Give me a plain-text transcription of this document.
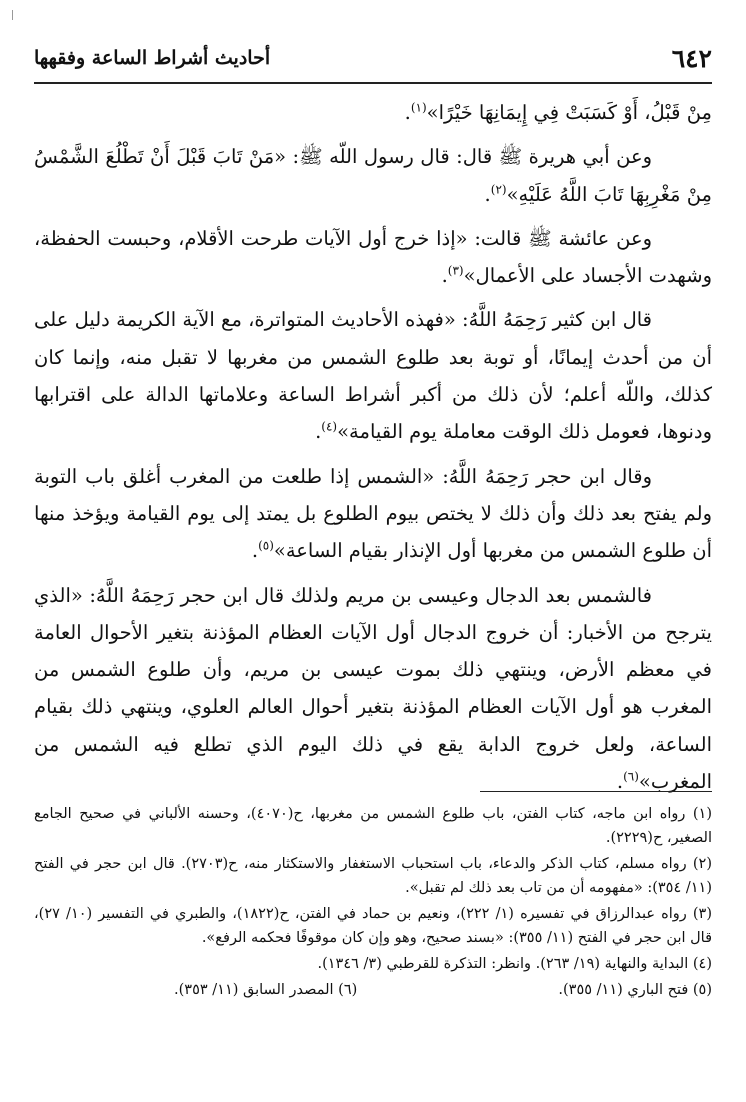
٦٤٢
أحاديث أشراط الساعة وفقهها

مِنْ قَبْلُ، أَوْ كَسَبَتْ فِي إِيمَانِهَا خَيْرًا»$^{(١)}$.

وعن أبي هريرة ﷺ قال: قال رسول اللّه ﷺ: «مَنْ تَابَ قَبْلَ أَنْ تَطْلُعَ الشَّمْسُ مِنْ مَغْرِبِهَا تَابَ اللَّهُ عَلَيْهِ»$^{(٢)}$.

وعن عائشة ﷺ قالت: «إذا خرج أول الآيات طرحت الأقلام، وحبست الحفظة، وشهدت الأجساد على الأعمال»$^{(٣)}$.

قال ابن كثير رَحِمَهُ اللَّهُ: «فهذه الأحاديث المتواترة، مع الآية الكريمة دليل على أن من أحدث إيمانًا، أو توبة بعد طلوع الشمس من مغربها لا تقبل منه، وإنما كان كذلك، واللّه أعلم؛ لأن ذلك من أكبر أشراط الساعة وعلاماتها الدالة على اقترابها ودنوها، فعومل ذلك الوقت معاملة يوم القيامة»$^{(٤)}$.

وقال ابن حجر رَحِمَهُ اللَّهُ: «الشمس إذا طلعت من المغرب أغلق باب التوبة ولم يفتح بعد ذلك وأن ذلك لا يختص بيوم الطلوع بل يمتد إلى يوم القيامة ويؤخذ منها أن طلوع الشمس من مغربها أول الإنذار بقيام الساعة»$^{(٥)}$.

فالشمس بعد الدجال وعيسى بن مريم ولذلك قال ابن حجر رَحِمَهُ اللَّهُ: «الذي يترجح من الأخبار: أن خروج الدجال أول الآيات العظام المؤذنة بتغير الأحوال العامة في معظم الأرض، وينتهي ذلك بموت عيسى بن مريم، وأن طلوع الشمس من المغرب هو أول الآيات العظام المؤذنة بتغير أحوال العالم العلوي، وينتهي ذلك بقيام الساعة، ولعل خروج الدابة يقع في ذلك اليوم الذي تطلع فيه الشمس من المغرب»$^{(٦)}$.

(١) رواه ابن ماجه، كتاب الفتن، باب طلوع الشمس من مغربها، ح(٤٠٧٠)، وحسنه الألباني في صحيح الجامع الصغير، ح(٢٢٢٩).
(٢) رواه مسلم، كتاب الذكر والدعاء، باب استحباب الاستغفار والاستكثار منه، ح(٢٧٠٣). قال ابن حجر في الفتح (١١/ ٣٥٤): «مفهومه أن من تاب بعد ذلك لم تقبل».
(٣) رواه عبدالرزاق في تفسيره (١/ ٢٢٢)، ونعيم بن حماد في الفتن، ح(١٨٢٢)، والطبري في التفسير (١٠/ ٢٧)، قال ابن حجر في الفتح (١١/ ٣٥٥): «بسند صحيح، وهو وإن كان موقوفًا فحكمه الرفع».
(٤) البداية والنهاية (١٩/ ٢٦٣). وانظر: التذكرة للقرطبي (٣/ ١٣٤٦).
(٥) فتح الباري (١١/ ٣٥٥).
(٦) المصدر السابق (١١/ ٣٥٣).
